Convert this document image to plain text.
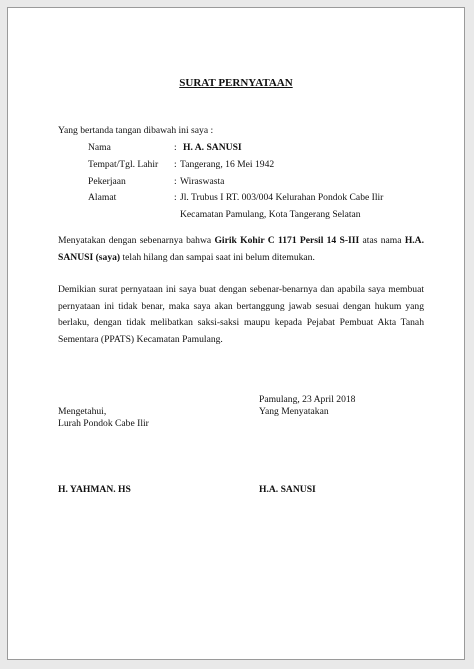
SURAT PERNYATAAN
Yang bertanda tangan dibawah ini saya :
Nama	: H. A. SANUSI
Tempat/Tgl. Lahir : Tangerang, 16 Mei 1942
Pekerjaan	: Wiraswasta
Alamat	: Jl. Trubus I RT. 003/004 Kelurahan Pondok Cabe Ilir
Kecamatan Pamulang, Kota Tangerang Selatan
Menyatakan dengan sebenarnya bahwa Girik Kohir C 1171 Persil 14 S-III atas nama H.A. SANUSI (saya) telah hilang dan sampai saat ini belum ditemukan.
Demikian surat pernyataan ini saya buat dengan sebenar-benarnya dan apabila saya membuat pernyataan ini tidak benar, maka saya akan bertanggung jawab sesuai dengan hukum yang berlaku, dengan tidak melibatkan saksi-saksi maupu kepada Pejabat Pembuat Akta Tanah Sementara (PPATS) Kecamatan Pamulang.
Pamulang, 23 April 2018
Yang Menyatakan
Mengetahui,
Lurah Pondok Cabe Ilir
H. YAHMAN. HS	H.A. SANUSI
